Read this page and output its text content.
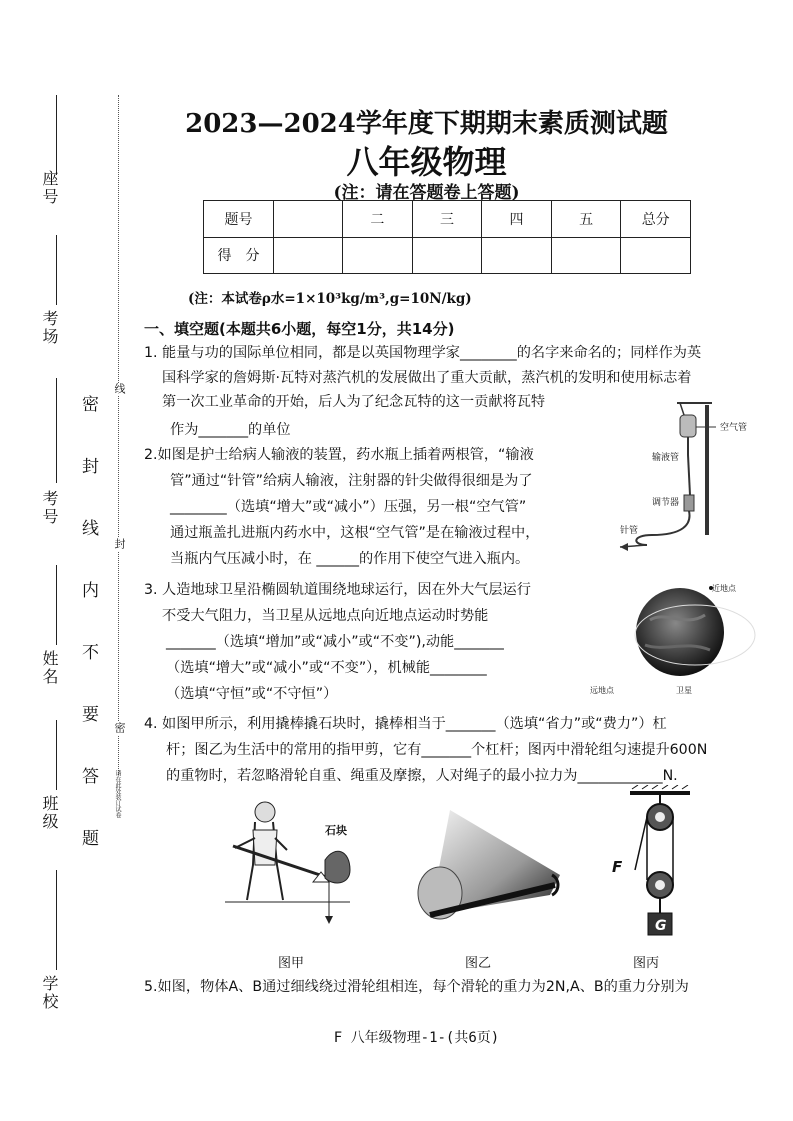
座号
考场
考号
姓名
班级
学校
密　封　线　内　不　要　答　题
线
封
密
请在此处装订试卷
2023—2024学年度下期期末素质测试题
八年级物理
(注：请在答题卷上答题)
题号		二	三	四	五	总分
得　分						
(注：本试卷ρ水=1×10³kg/m³,g=10N/kg)
一、填空题(本题共6小题，每空1分，共14分)
1. 能量与功的国际单位相同，都是以英国物理学家________的名字来命名的；同样作为英
国科学家的詹姆斯·瓦特对蒸汽机的发展做出了重大贡献，蒸汽机的发明和使用标志着
第一次工业革命的开始，后人为了纪念瓦特的这一贡献将瓦特
作为_______的单位
2.如图是护士给病人输液的装置，药水瓶上插着两根管，“输液
管”通过“针管”给病人输液，注射器的针尖做得很细是为了
________（选填“增大”或“减小”）压强，另一根“空气管”
通过瓶盖扎进瓶内药水中，这根“空气管”是在输液过程中，
当瓶内气压减小时，在 ______的作用下使空气进入瓶内。
空气管
输液管
调节器
针管
3. 人造地球卫星沿椭圆轨道围绕地球运行，因在外大气层运行
不受大气阻力，当卫星从远地点向近地点运动时势能
_______（选填“增加”或“减小”或“不变”),动能_______
（选填“增大”或“减小”或“不变”），机械能________
（选填“守恒”或“不守恒”）
近地点
远地点	卫星
4. 如图甲所示，利用撬棒撬石块时，撬棒相当于_______（选填“省力”或“费力”）杠
杆；图乙为生活中的常用的指甲剪，它有_______个杠杆；图丙中滑轮组匀速提升600N
的重物时，若忽略滑轮自重、绳重及摩擦，人对绳子的最小拉力为____________N.
石块
图甲	图乙
F
G
图丙
5.如图，物体A、B通过细线绕过滑轮组相连，每个滑轮的重力为2N,A、B的重力分别为
F 八年级物理-1-(共6页)
